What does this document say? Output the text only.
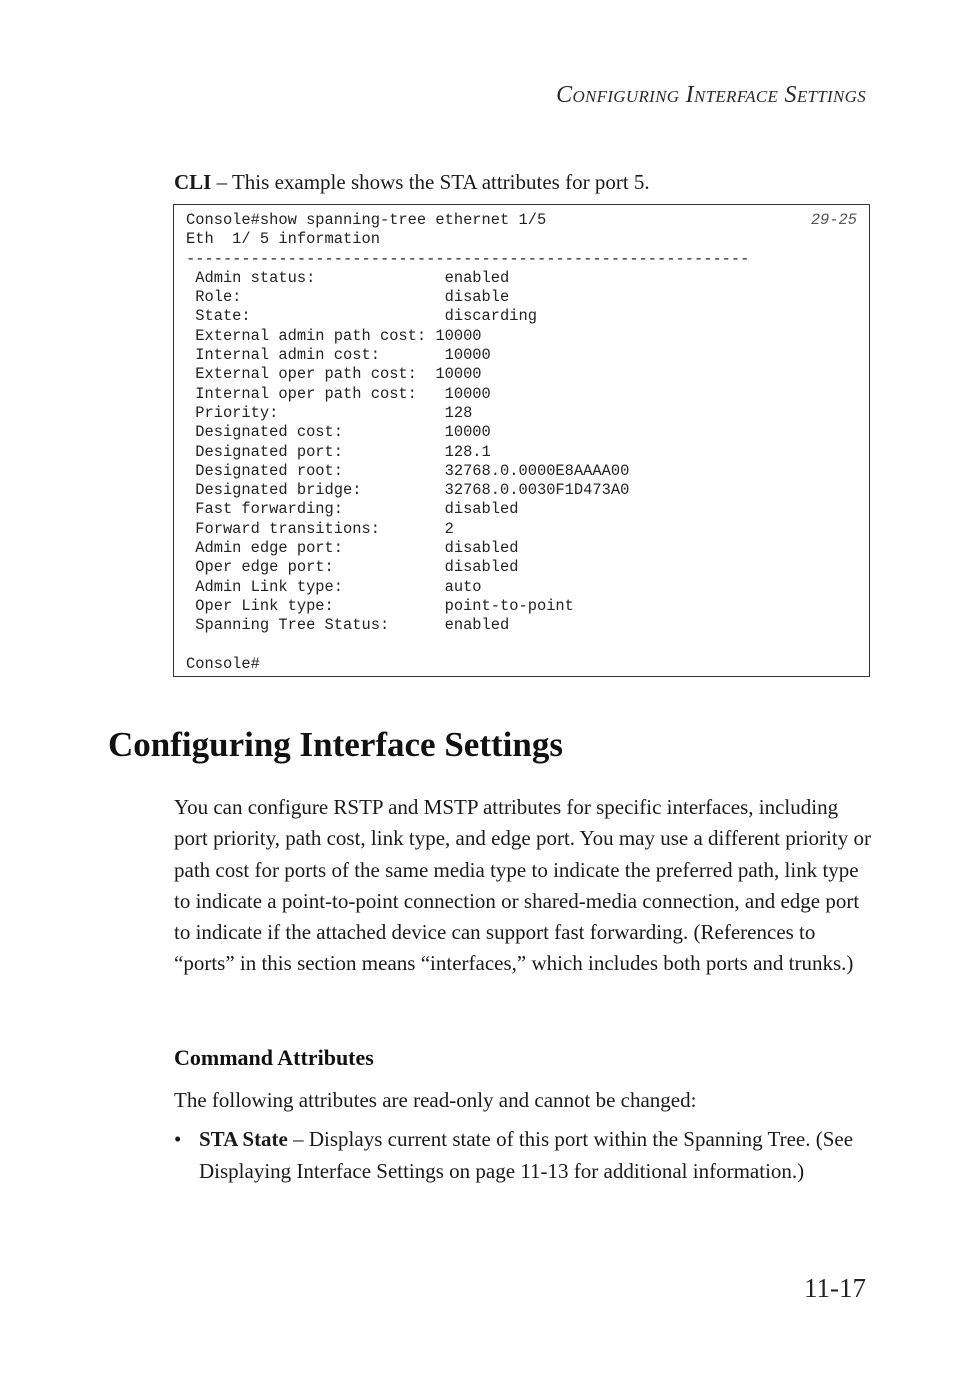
CONFIGURING INTERFACE SETTINGS
CLI – This example shows the STA attributes for port 5.
29-25
Console#show spanning-tree ethernet 1/5
Eth  1/ 5 information
-------------------------------------------------------------
Admin status:              enabled
Role:                      disable
State:                     discarding
External admin path cost: 10000
Internal admin cost:       10000
External oper path cost:  10000
Internal oper path cost:   10000
Priority:                  128
Designated cost:           10000
Designated port:           128.1
Designated root:           32768.0.0000E8AAAA00
Designated bridge:         32768.0.0030F1D473A0
Fast forwarding:           disabled
Forward transitions:       2
Admin edge port:           disabled
Oper edge port:            disabled
Admin Link type:           auto
Oper Link type:            point-to-point
Spanning Tree Status:      enabled

Console#
Configuring Interface Settings

You can configure RSTP and MSTP attributes for specific interfaces, including port priority, path cost, link type, and edge port. You may use a different priority or path cost for ports of the same media type to indicate the preferred path, link type to indicate a point-to-point connection or shared-media connection, and edge port to indicate if the attached device can support fast forwarding. (References to “ports” in this section means “interfaces,” which includes both ports and trunks.)

Command Attributes

The following attributes are read-only and cannot be changed:

• STA State – Displays current state of this port within the Spanning Tree. (See Displaying Interface Settings on page 11-13 for additional information.)
11-17
